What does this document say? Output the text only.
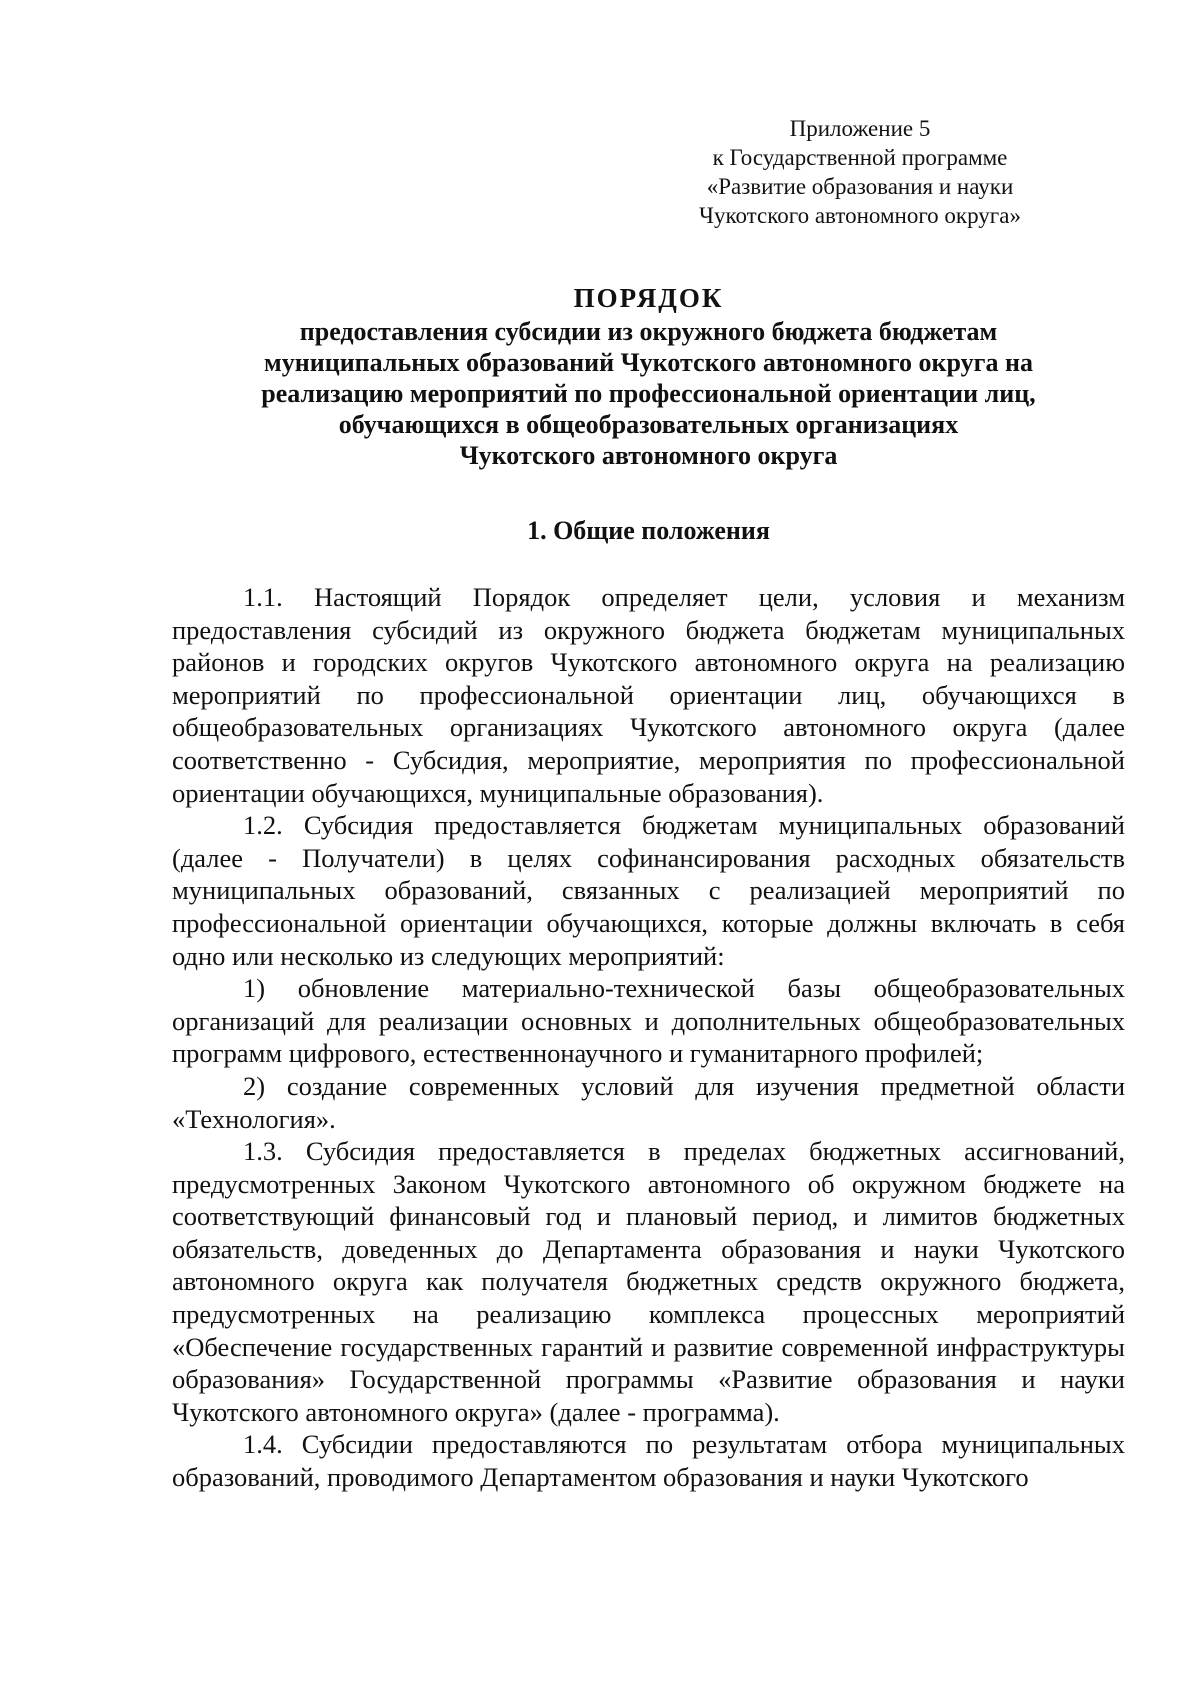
Приложение 5
к Государственной программе
«Развитие образования и науки
Чукотского автономного округа»
ПОРЯДОК
предоставления субсидии из окружного бюджета бюджетам
муниципальных образований Чукотского автономного округа на
реализацию мероприятий по профессиональной ориентации лиц,
обучающихся в общеобразовательных организациях
Чукотского автономного округа
1. Общие положения

1.1. Настоящий Порядок определяет цели, условия и механизм предоставления субсидий из окружного бюджета бюджетам муниципальных районов и городских округов Чукотского автономного округа на реализацию мероприятий по профессиональной ориентации лиц, обучающихся в общеобразовательных организациях Чукотского автономного округа (далее соответственно - Субсидия, мероприятие, мероприятия по профессиональной ориентации обучающихся, муниципальные образования).

1.2. Субсидия предоставляется бюджетам муниципальных образований (далее - Получатели) в целях софинансирования расходных обязательств муниципальных образований, связанных с реализацией мероприятий по профессиональной ориентации обучающихся, которые должны включать в себя одно или несколько из следующих мероприятий:

1) обновление материально-технической базы общеобразовательных организаций для реализации основных и дополнительных общеобразовательных программ цифрового, естественнонаучного и гуманитарного профилей;

2) создание современных условий для изучения предметной области «Технология».

1.3. Субсидия предоставляется в пределах бюджетных ассигнований, предусмотренных Законом Чукотского автономного об окружном бюджете на соответствующий финансовый год и плановый период, и лимитов бюджетных обязательств, доведенных до Департамента образования и науки Чукотского автономного округа как получателя бюджетных средств окружного бюджета, предусмотренных на реализацию комплекса процессных мероприятий «Обеспечение государственных гарантий и развитие современной инфраструктуры образования» Государственной программы «Развитие образования и науки Чукотского автономного округа» (далее - программа).

1.4. Субсидии предоставляются по результатам отбора муниципальных образований, проводимого Департаментом образования и науки Чукотского
